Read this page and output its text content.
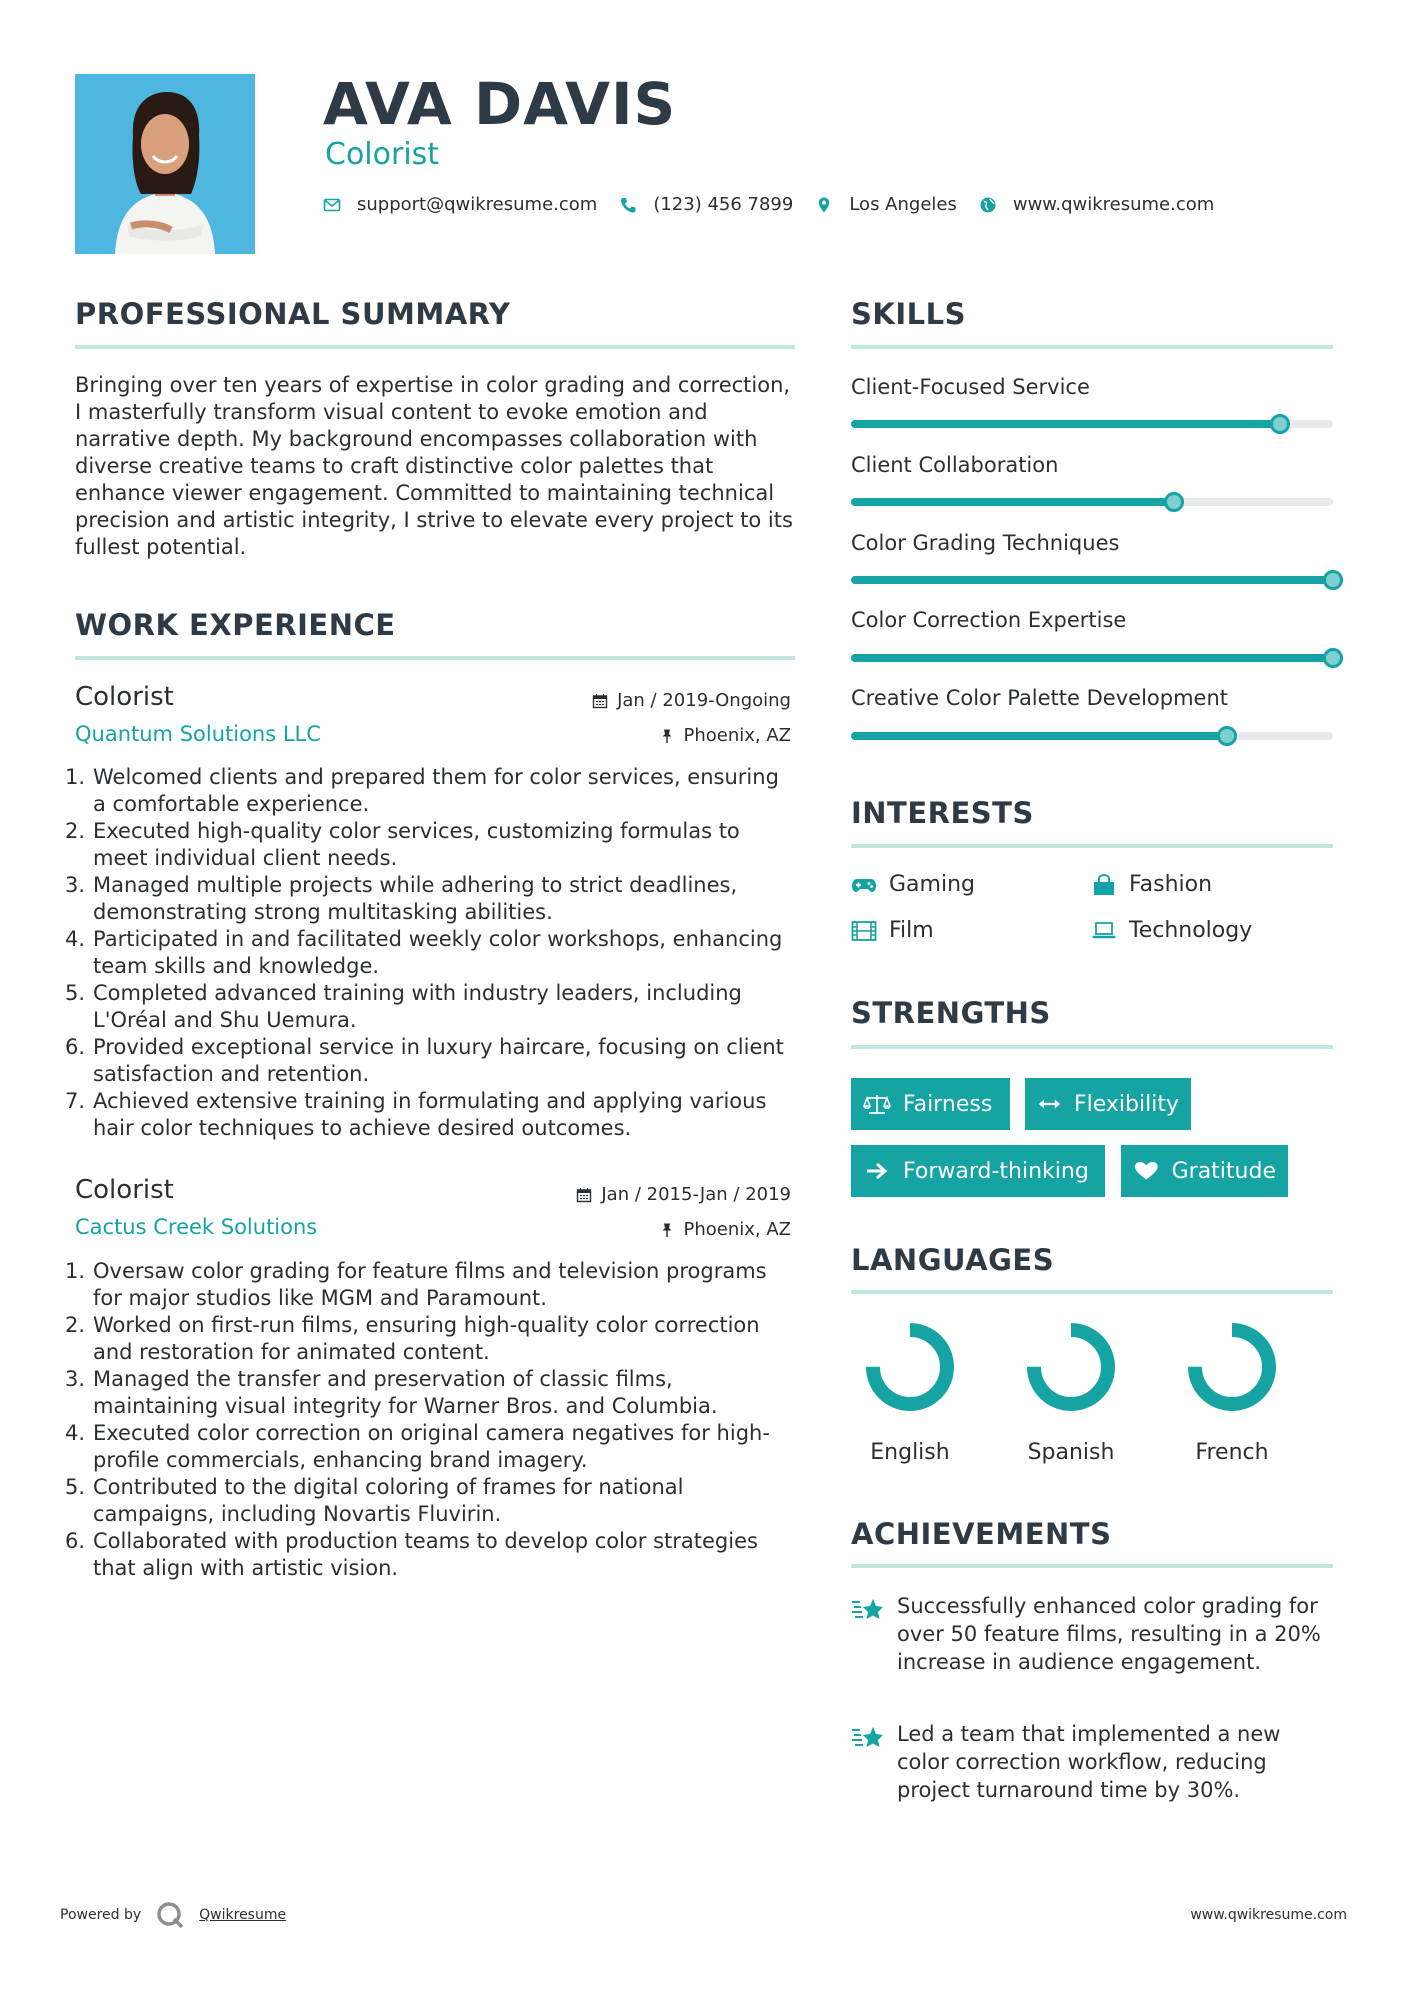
AVA DAVIS
Colorist
support@qwikresume.com	(123) 456 7899	Los Angeles	www.qwikresume.com
PROFESSIONAL SUMMARY
Bringing over ten years of expertise in color grading and correction, I masterfully transform visual content to evoke emotion and narrative depth. My background encompasses collaboration with diverse creative teams to craft distinctive color palettes that enhance viewer engagement. Committed to maintaining technical precision and artistic integrity, I strive to elevate every project to its fullest potential.
WORK EXPERIENCE
Colorist
Quantum Solutions LLC
Jan / 2019-Ongoing
Phoenix, AZ
1. Welcomed clients and prepared them for color services, ensuring a comfortable experience.
2. Executed high-quality color services, customizing formulas to meet individual client needs.
3. Managed multiple projects while adhering to strict deadlines, demonstrating strong multitasking abilities.
4. Participated in and facilitated weekly color workshops, enhancing team skills and knowledge.
5. Completed advanced training with industry leaders, including L'Oréal and Shu Uemura.
6. Provided exceptional service in luxury haircare, focusing on client satisfaction and retention.
7. Achieved extensive training in formulating and applying various hair color techniques to achieve desired outcomes.
Colorist
Cactus Creek Solutions
Jan / 2015-Jan / 2019
Phoenix, AZ
1. Oversaw color grading for feature films and television programs for major studios like MGM and Paramount.
2. Worked on first-run films, ensuring high-quality color correction and restoration for animated content.
3. Managed the transfer and preservation of classic films, maintaining visual integrity for Warner Bros. and Columbia.
4. Executed color correction on original camera negatives for high-profile commercials, enhancing brand imagery.
5. Contributed to the digital coloring of frames for national campaigns, including Novartis Fluvirin.
6. Collaborated with production teams to develop color strategies that align with artistic vision.
SKILLS
Client-Focused Service
Client Collaboration
Color Grading Techniques
Color Correction Expertise
Creative Color Palette Development
INTERESTS
Gaming	Fashion
Film	Technology
STRENGTHS
Fairness	Flexibility
Forward-thinking	Gratitude
LANGUAGES
English	Spanish	French
ACHIEVEMENTS
Successfully enhanced color grading for over 50 feature films, resulting in a 20% increase in audience engagement.
Led a team that implemented a new color correction workflow, reducing project turnaround time by 30%.
Powered by	Qwikresume	www.qwikresume.com
